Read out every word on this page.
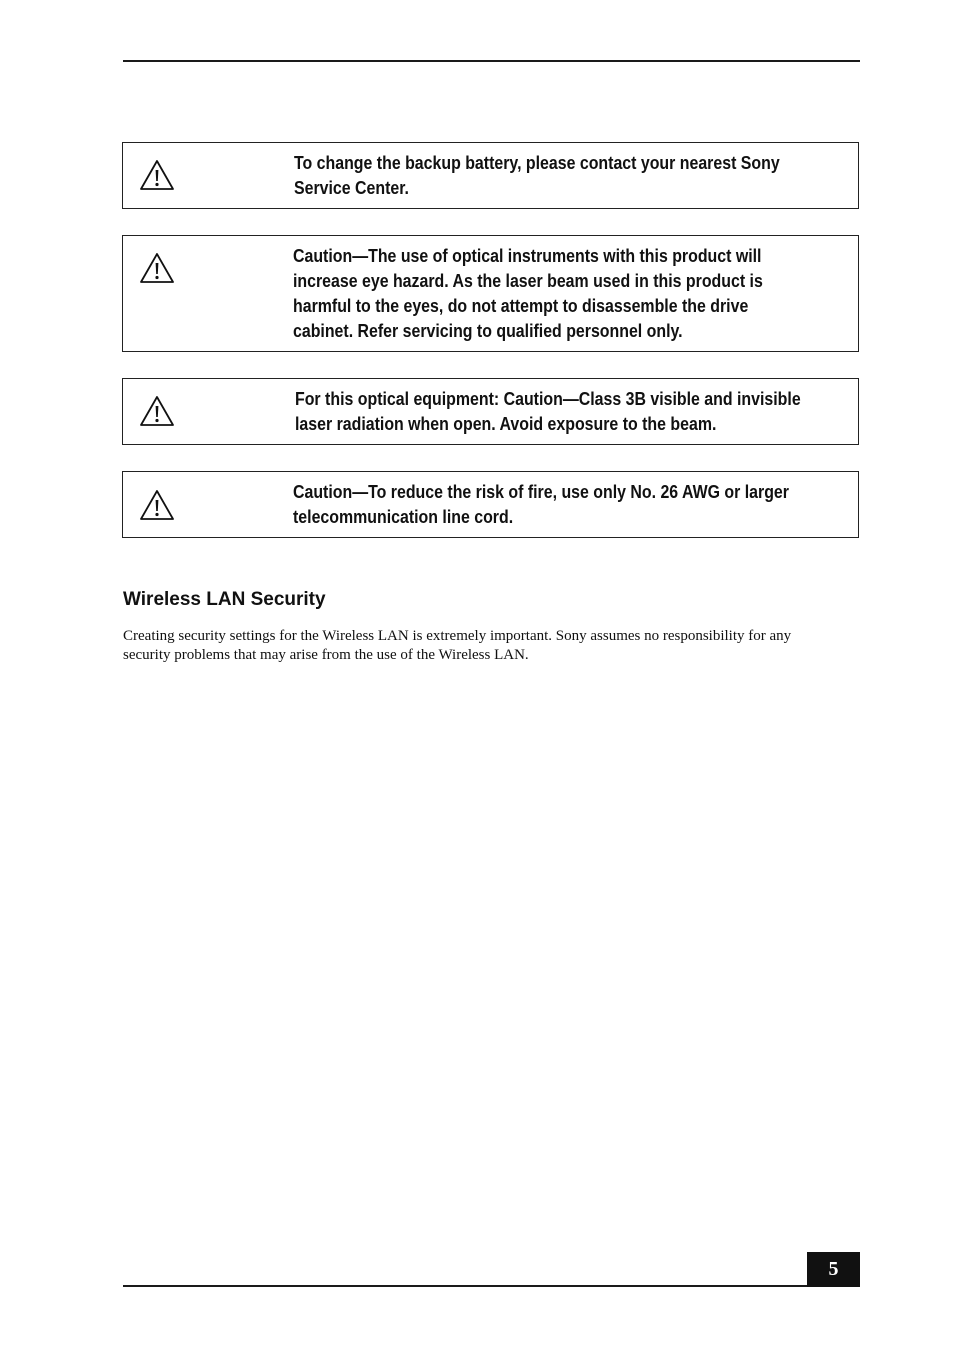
To change the backup battery, please contact your nearest Sony
Service Center.
Caution—The use of optical instruments with this product will
increase eye hazard. As the laser beam used in this product is
harmful to the eyes, do not attempt to disassemble the drive
cabinet. Refer servicing to qualified personnel only.
For this optical equipment: Caution—Class 3B visible and invisible
laser radiation when open. Avoid exposure to the beam.
Caution—To reduce the risk of fire, use only No. 26 AWG or larger
telecommunication line cord.
Wireless LAN Security
Creating security settings for the Wireless LAN is extremely important. Sony assumes no responsibility for any
security problems that may arise from the use of the Wireless LAN.
5
